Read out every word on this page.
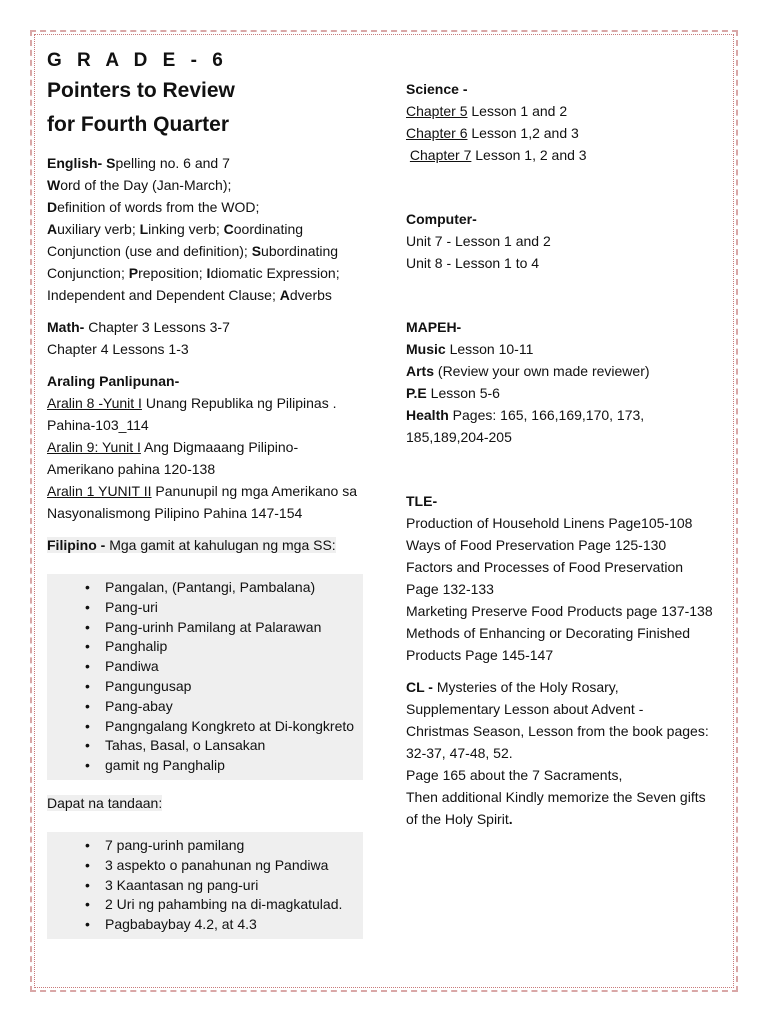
G R A D E - 6

Pointers to Review

for Fourth Quarter

English- Spelling no. 6 and 7

Word of the Day (Jan-March);

Definition of words from the WOD;

Auxiliary verb; Linking verb; Coordinating

Conjunction (use and definition); Subordinating

Conjunction; Preposition; Idiomatic Expression;

Independent and Dependent Clause; Adverbs

Math- Chapter 3 Lessons 3-7

Chapter 4 Lessons 1-3

Araling Panlipunan-

Aralin 8 -Yunit I Unang Republika ng Pilipinas .

Pahina-103_114

Aralin 9: Yunit I Ang Digmaaang Pilipino-

Amerikano pahina 120-138

Aralin 1 YUNIT II Panunupil ng mga Amerikano sa

Nasyonalismong Pilipino Pahina 147-154

Filipino - Mga gamit at kahulugan ng mga SS:

• Pangalan, (Pantangi, Pambalana)
• Pang-uri
• Pang-urinh Pamilang at Palarawan
• Panghalip
• Pandiwa
• Pangungusap
• Pang-abay
• Pangngalang Kongkreto at Di-kongkreto
• Tahas, Basal, o Lansakan
• gamit ng Panghalip

Dapat na tandaan:

• 7 pang-urinh pamilang
• 3 aspekto o panahunan ng Pandiwa
• 3 Kaantasan ng pang-uri
• 2 Uri ng pahambing na di-magkatulad.
• Pagbabaybay 4.2, at 4.3

Science -

Chapter 5 Lesson 1 and 2

Chapter 6 Lesson 1,2 and 3

Chapter 7 Lesson 1, 2 and 3

Computer-

Unit 7 - Lesson 1 and 2

Unit 8 - Lesson 1 to 4

MAPEH-

Music Lesson 10-11

Arts (Review your own made reviewer)

P.E Lesson 5-6

Health Pages: 165, 166,169,170, 173,

185,189,204-205

TLE-

Production of Household Linens Page105-108

Ways of Food Preservation Page 125-130

Factors and Processes of Food Preservation

Page 132-133

Marketing Preserve Food Products page 137-138

Methods of Enhancing or Decorating Finished

Products Page 145-147

CL - Mysteries of the Holy Rosary,

Supplementary Lesson about Advent -

Christmas Season, Lesson from the book pages:

32-37, 47-48, 52.

Page 165 about the 7 Sacraments,

Then additional Kindly memorize the Seven gifts

of the Holy Spirit.
